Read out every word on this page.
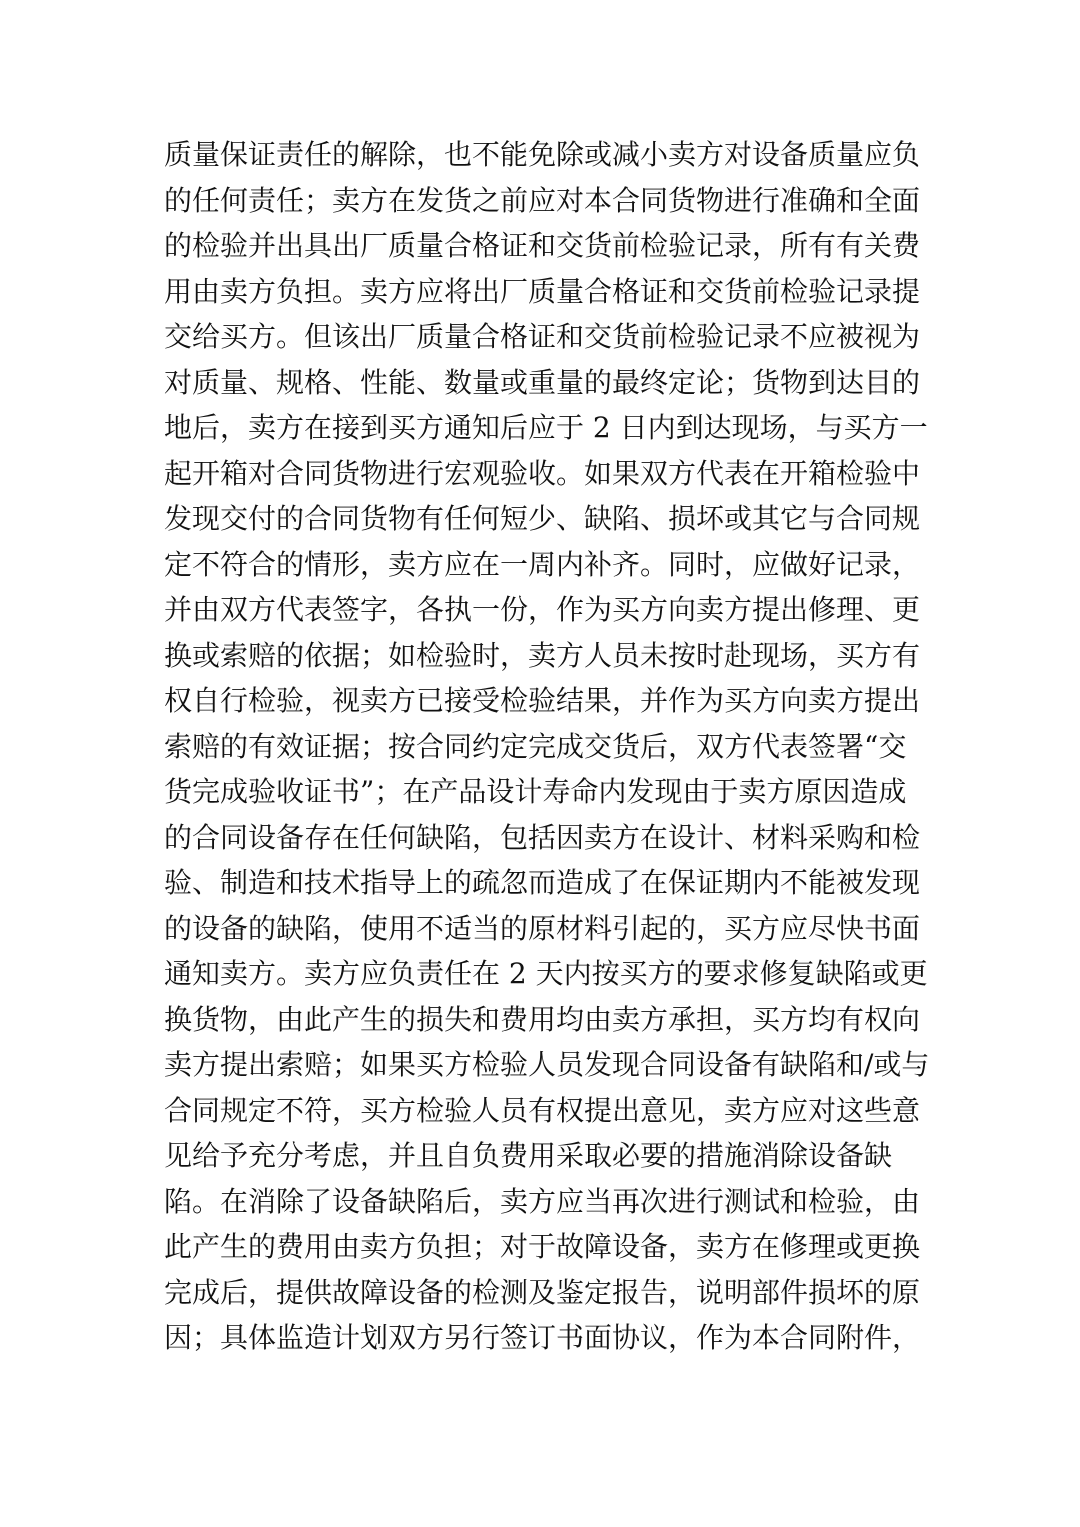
质量保证责任的解除，也不能免除或减小卖方对设备质量应负
的任何责任；卖方在发货之前应对本合同货物进行准确和全面
的检验并出具出厂质量合格证和交货前检验记录，所有有关费
用由卖方负担。卖方应将出厂质量合格证和交货前检验记录提
交给买方。但该出厂质量合格证和交货前检验记录不应被视为
对质量、规格、性能、数量或重量的最终定论；货物到达目的
地后，卖方在接到买方通知后应于 2 日内到达现场，与买方一
起开箱对合同货物进行宏观验收。如果双方代表在开箱检验中
发现交付的合同货物有任何短少、缺陷、损坏或其它与合同规
定不符合的情形，卖方应在一周内补齐。同时，应做好记录，
并由双方代表签字，各执一份，作为买方向卖方提出修理、更
换或索赔的依据；如检验时，卖方人员未按时赴现场，买方有
权自行检验，视卖方已接受检验结果，并作为买方向卖方提出
索赔的有效证据；按合同约定完成交货后，双方代表签署“交
货完成验收证书”；在产品设计寿命内发现由于卖方原因造成
的合同设备存在任何缺陷，包括因卖方在设计、材料采购和检
验、制造和技术指导上的疏忽而造成了在保证期内不能被发现
的设备的缺陷，使用不适当的原材料引起的，买方应尽快书面
通知卖方。卖方应负责任在 2 天内按买方的要求修复缺陷或更
换货物，由此产生的损失和费用均由卖方承担，买方均有权向
卖方提出索赔；如果买方检验人员发现合同设备有缺陷和/或与
合同规定不符，买方检验人员有权提出意见，卖方应对这些意
见给予充分考虑，并且自负费用采取必要的措施消除设备缺
陷。在消除了设备缺陷后，卖方应当再次进行测试和检验，由
此产生的费用由卖方负担；对于故障设备，卖方在修理或更换
完成后，提供故障设备的检测及鉴定报告，说明部件损坏的原
因；具体监造计划双方另行签订书面协议，作为本合同附件，
